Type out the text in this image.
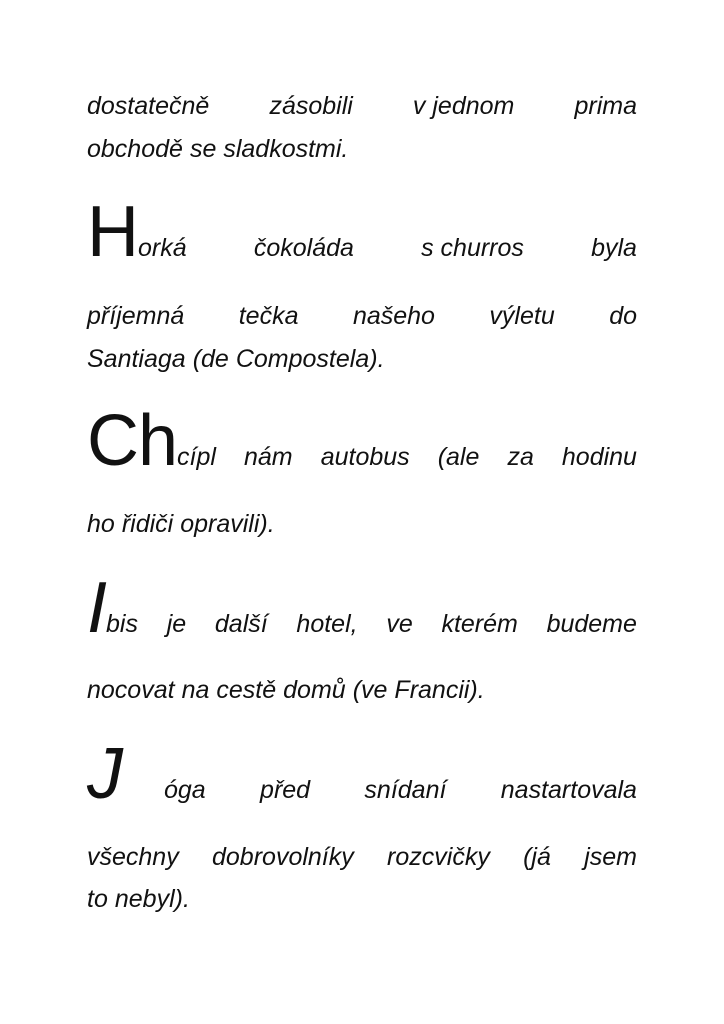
dostatečně zásobili v jednom prima
obchodě se sladkostmi.
H orká	čokoláda	s churros	byla
příjemná tečka našeho výletu do
Santiaga (de Compostela).
Ch cípl nám autobus (ale za hodinu
ho řidiči opravili).
I bis je další hotel, ve kterém budeme
nocovat na cestě domů (ve Francii).
J óga před snídaní nastartovala
všechny dobrovolníky rozcvičky (já jsem
to nebyl).
